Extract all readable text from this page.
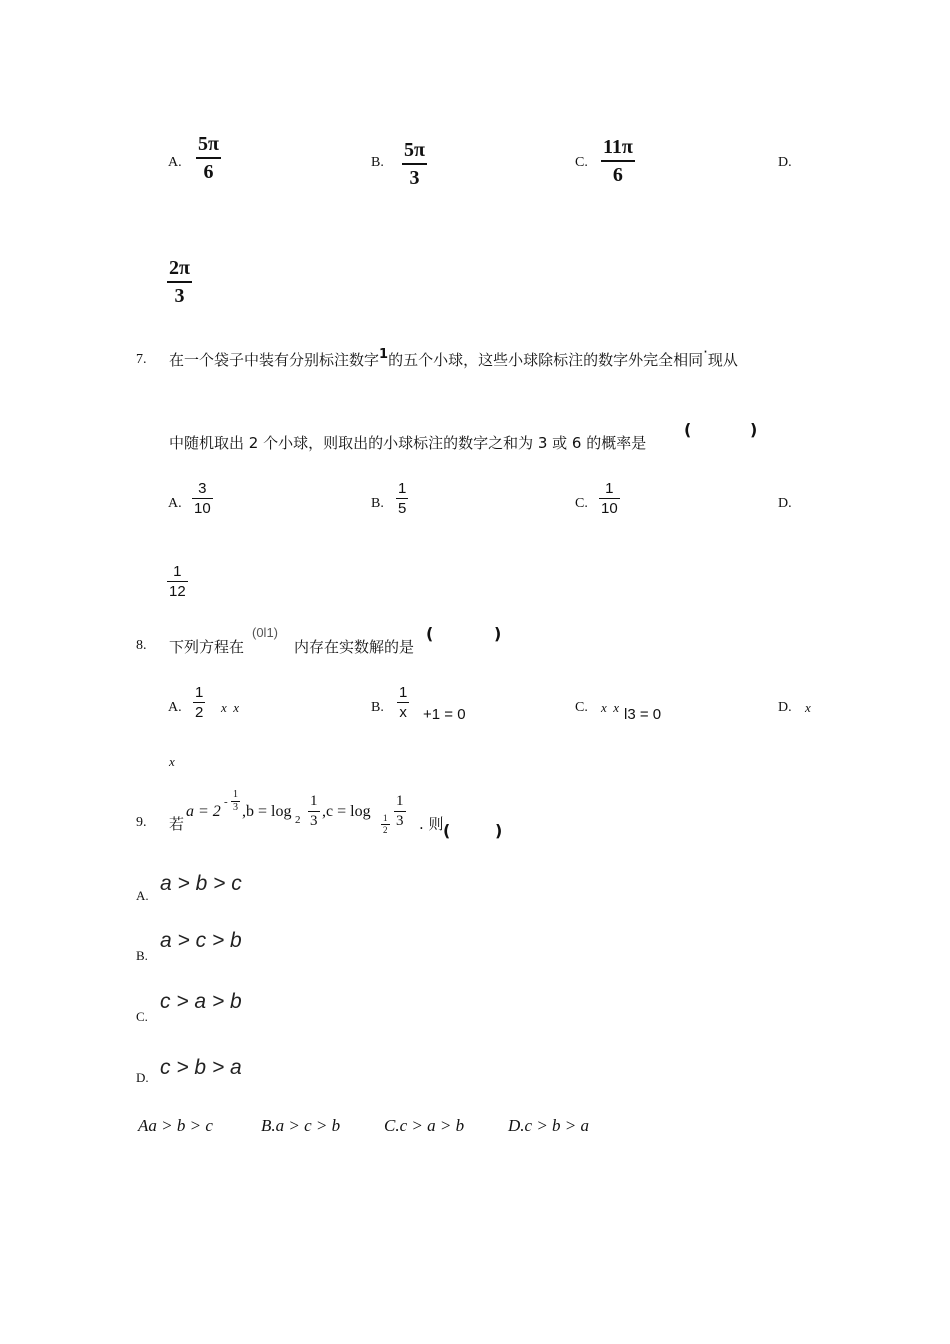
A.
5π
6	B.
5π
3
C.
11π
6
D.
2π
3
7. 在一个袋子中装有分别标注数字1的五个小球，这些小球除标注的数字外完全相同·现从
中随机取出 2 个小球，则取出的小球标注的数字之和为 3 或 6 的概率是
(	)
A.
3
10	B.
1
5	C.
1
10	D.
1
12
8. 下列方程在
(0l1)
内存在实数解的是
(	)
A.
1
2 x  x	B.
1
x +1 = 0	C. x  x l3 = 0	D. x
x
9. 若
a = 2
-
1
3 ,b = log 2
1
3
,c = log 1
2
1
3 . 则 (	)
A.
a > b > c
B.
a > c > b
C.
c > a > b
D. c > b > a
Aa > b > c	B.a > c > b	C.c > a > b	D.c > b > a
